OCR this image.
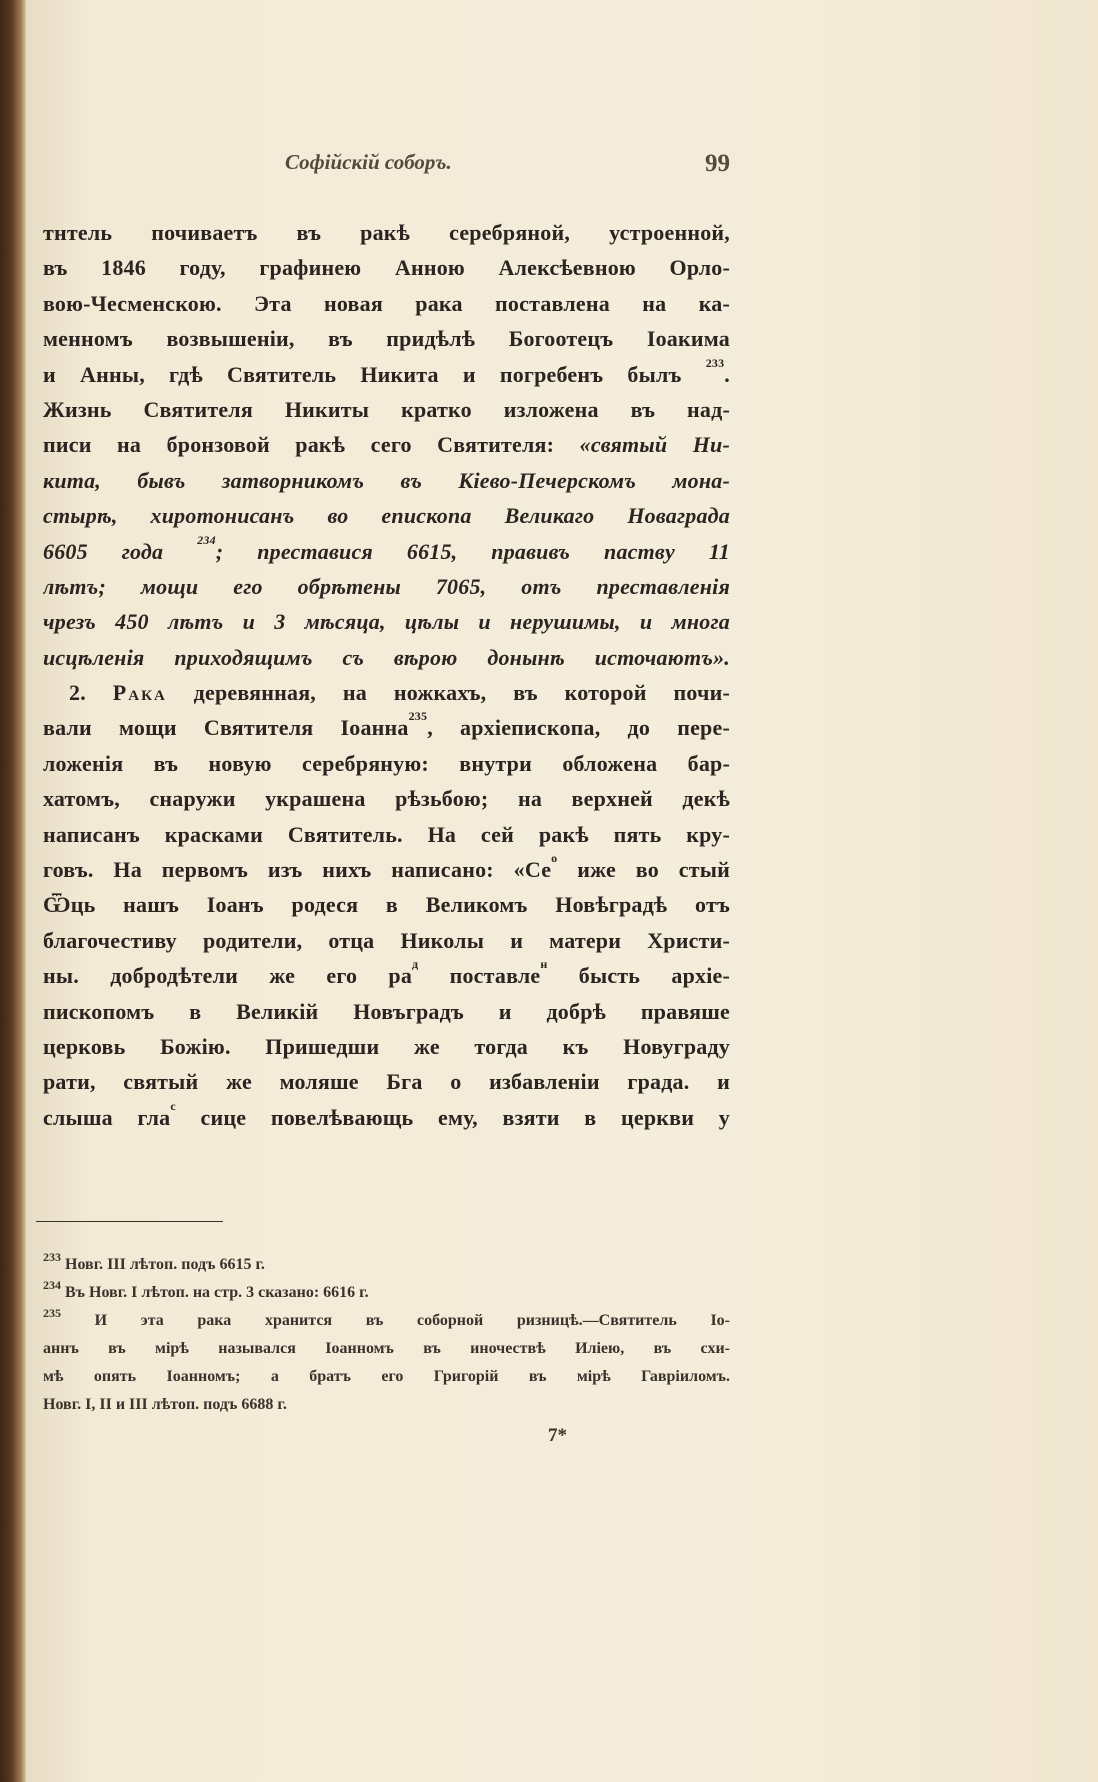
Софійскій соборъ.	99
тнтель почиваетъ въ ракѣ серебряной, устроенной,
въ 1846 году, графинею Анною Алексѣевною Орло-
вою-Чесменскою. Эта новая рака поставлена на ка-
менномъ возвышеніи, въ придѣлѣ Богоотецъ Іоакима
и Анны, гдѣ Святитель Никита и погребенъ былъ $^{233}$.
Жизнь Святителя Никиты кратко изложена въ над-
писи на бронзовой ракѣ сего Святителя: «святый Ни-
кита, бывъ затворникомъ въ Кіево-Печерскомъ мона-
стырѣ, хиротонисанъ во епископа Великаго Новаграда
6605 года	$^{234}$; преставися 6615, правивъ паству 11
лѣтъ; мощи его обрѣтены 7065, отъ преставленія
чрезъ 450 лѣтъ и 3 мѣсяца, цѣлы и нерушимы, и многа
исцѣленія приходящимъ съ вѣрою донынѣ источаютъ».
2. Рака деревянная, на ножкахъ, въ которой почи-
вали мощи Святителя Іоанна$^{235}$, архіепископа, до перe-
ложенія въ новую серебряную: внутри обложена бар-
хатомъ, снаружи украшена рѣзьбою; на верхней декѣ
написанъ красками Святитель. На сей ракѣ пять кру-
говъ. На первомъ изъ нихъ написано: «$Се^о$ иже во стый
Ѿць нашъ Іоанъ родеся в Великомъ Новѣградѣ отъ
благочестиву родители, отца Николы и матери Христи-
ны. добродѣтели же его $ра^д$ поставле$^н$ бысть архіе-
пископомъ в Великій Новъградъ и добрѣ правяше
церковь Божію. Пришедши же тогда къ Новуграду
рати, святый же моляше Бга о избавленіи града. и
слыша гла$^с$ сице повелѣвающь ему, взяти в церкви у
$^{233}$ Новг. III лѣтоп. подъ 6615 г.
$^{234}$ Въ Новг. I лѣтоп. на стр. 3 сказано: 6616 г.
$^{235}$ И эта рака хранится въ соборной ризницѣ.—Святитель Іо-
аннъ въ мірѣ назывался Іоанномъ въ иночествѣ Иліею, въ схи-
мѣ опять Іоанномъ; а братъ его Григорій въ мірѣ Гавріиломъ.
Новг. I, II и III лѣтоп. подъ 6688 г.
7*
